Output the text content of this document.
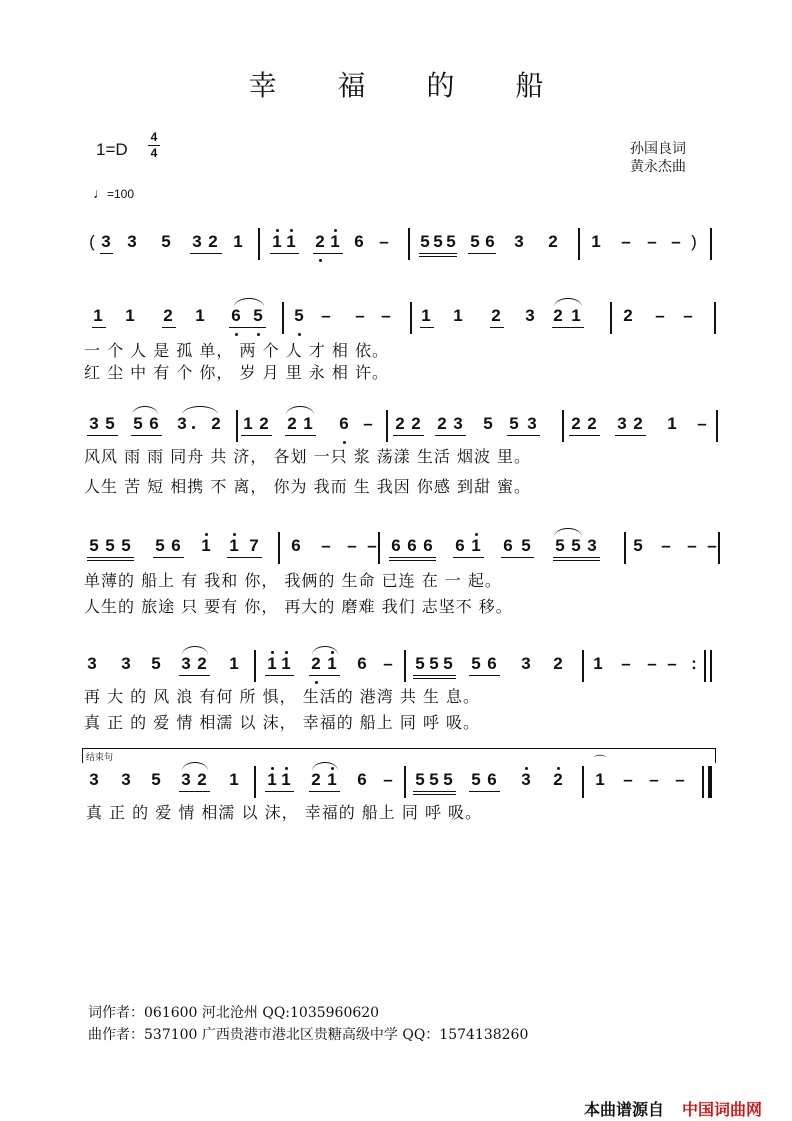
幸 福 的 船
1=D
4
4	孙国良词
黄永杰曲
♩=100
( 3 3 5 3 2 1 1 1 2 1 6 – 5 5 5 5 6 3 2 1 – – – )
1 1 2 1 6 5 5 – – – 1 1 2 3 2 1	2 – –
一 个 人 是 孤 单， 两 个 人 才 相 依。
红 尘 中 有 个 你， 岁 月 里 永 相 许。
3 5 5 6 3 2 1 2 2 1 6 – 2 2 2 3 5 5 3 2 2 3 2 1 –
风风 雨 雨 同舟 共 济， 各划 一只 浆 荡漾 生活 烟波 里。
人生 苦 短 相携 不 离， 你为 我而 生 我因 你感 到甜 蜜。
5 5 5 5 6 1 1 7 6 – – – 6 6 6 6 1 6 5 5 5 3 5 – – –
单薄的 船上 有 我和 你， 我俩的 生命 已连 在 一 起。
人生的 旅途 只 要有 你， 再大的 磨难 我们 志坚不 移。
3 3 5 3 2 1 1 1 2 1 6 – 5 5 5 5 6 3 2 1 – – – :
再 大 的 风 浪 有何 所 惧， 生活的 港湾 共 生 息。
真 正 的 爱 情 相濡 以 沫， 幸福的 船上 同 呼 吸。
3 3 5 3 2 1 1 1 2 1 6 – 5 5 5 5 6 3 2 1 – – –
⌒
真 正 的 爱 情 相濡 以 沫， 幸福的 船上 同 呼 吸。
结束句
词作者：061600 河北沧州 QQ:1035960620
曲作者：537100 广西贵港市港北区贵糖高级中学 QQ：1574138260
本曲谱源自 中国词曲网
